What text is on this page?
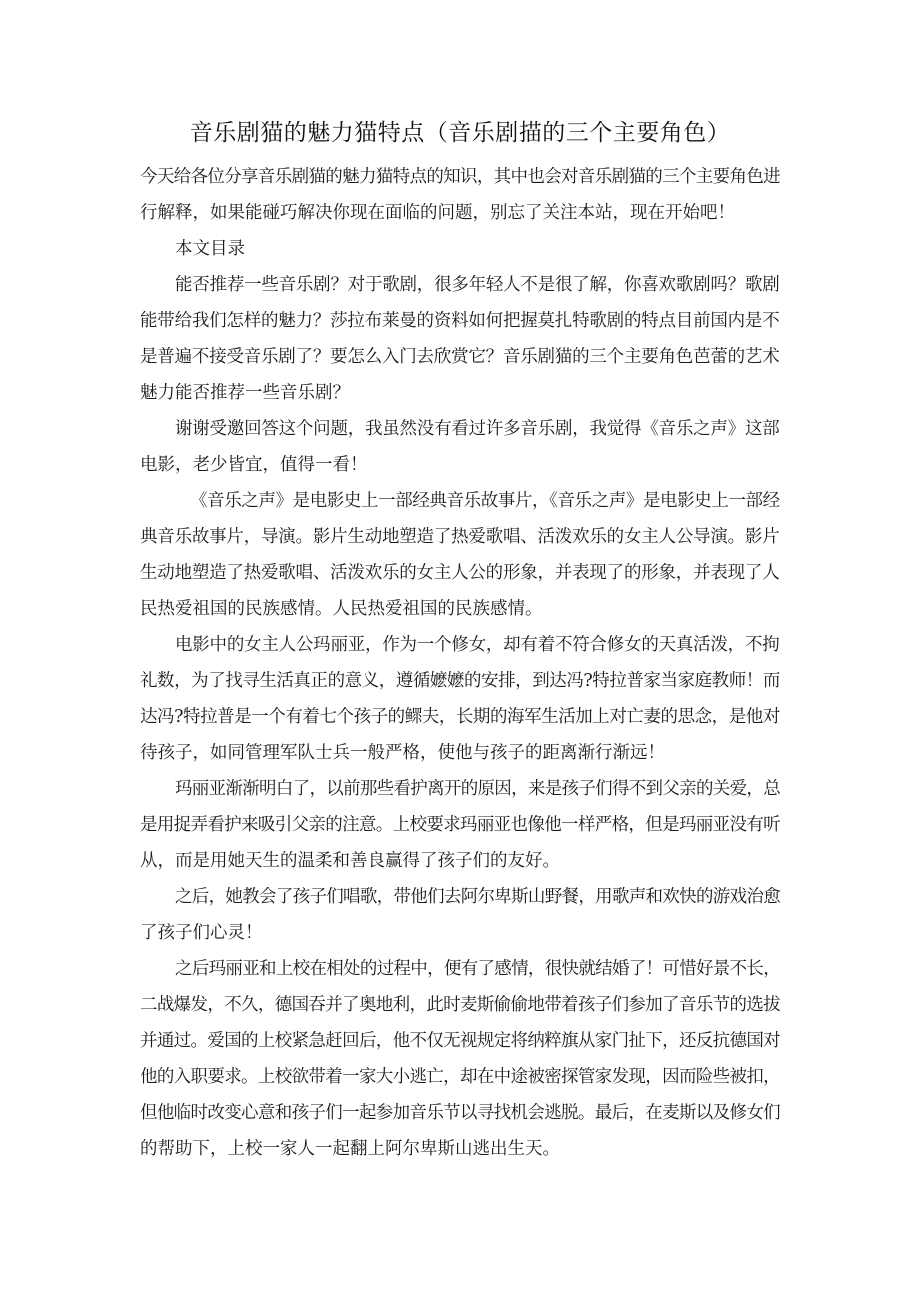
音乐剧猫的魅力猫特点（音乐剧描的三个主要角色）
今天给各位分享音乐剧猫的魅力猫特点的知识，其中也会对音乐剧猫的三个主要角色进
行解释，如果能碰巧解决你现在面临的问题，别忘了关注本站，现在开始吧！
本文目录
能否推荐一些音乐剧？对于歌剧，很多年轻人不是很了解，你喜欢歌剧吗？歌剧
能带给我们怎样的魅力？莎拉布莱曼的资料如何把握莫扎特歌剧的特点目前国内是不
是普遍不接受音乐剧了？要怎么入门去欣赏它？音乐剧猫的三个主要角色芭蕾的艺术
魅力能否推荐一些音乐剧？
谢谢受邀回答这个问题，我虽然没有看过许多音乐剧，我觉得《音乐之声》这部
电影，老少皆宜，值得一看！
《音乐之声》是电影史上一部经典音乐故事片，《音乐之声》是电影史上一部经
典音乐故事片，导演。影片生动地塑造了热爱歌唱、活泼欢乐的女主人公导演。影片
生动地塑造了热爱歌唱、活泼欢乐的女主人公的形象，并表现了的形象，并表现了人
民热爱祖国的民族感情。人民热爱祖国的民族感情。
电影中的女主人公玛丽亚，作为一个修女，却有着不符合修女的天真活泼，不拘
礼数，为了找寻生活真正的意义，遵循嬷嬷的安排，到达冯?特拉普家当家庭教师！而
达冯?特拉普是一个有着七个孩子的鳏夫，长期的海军生活加上对亡妻的思念，是他对
待孩子，如同管理军队士兵一般严格，使他与孩子的距离渐行渐远！
玛丽亚渐渐明白了，以前那些看护离开的原因，来是孩子们得不到父亲的关爱，总
是用捉弄看护来吸引父亲的注意。上校要求玛丽亚也像他一样严格，但是玛丽亚没有听
从，而是用她天生的温柔和善良赢得了孩子们的友好。
之后，她教会了孩子们唱歌，带他们去阿尔卑斯山野餐，用歌声和欢快的游戏治愈
了孩子们心灵！
之后玛丽亚和上校在相处的过程中，便有了感情，很快就结婚了！可惜好景不长，
二战爆发，不久，德国吞并了奥地利，此时麦斯偷偷地带着孩子们参加了音乐节的选拔
并通过。爱国的上校紧急赶回后，他不仅无视规定将纳粹旗从家门扯下，还反抗德国对
他的入职要求。上校欲带着一家大小逃亡，却在中途被密探管家发现，因而险些被扣，
但他临时改变心意和孩子们一起参加音乐节以寻找机会逃脱。最后，在麦斯以及修女们
的帮助下，上校一家人一起翻上阿尔卑斯山逃出生天。
